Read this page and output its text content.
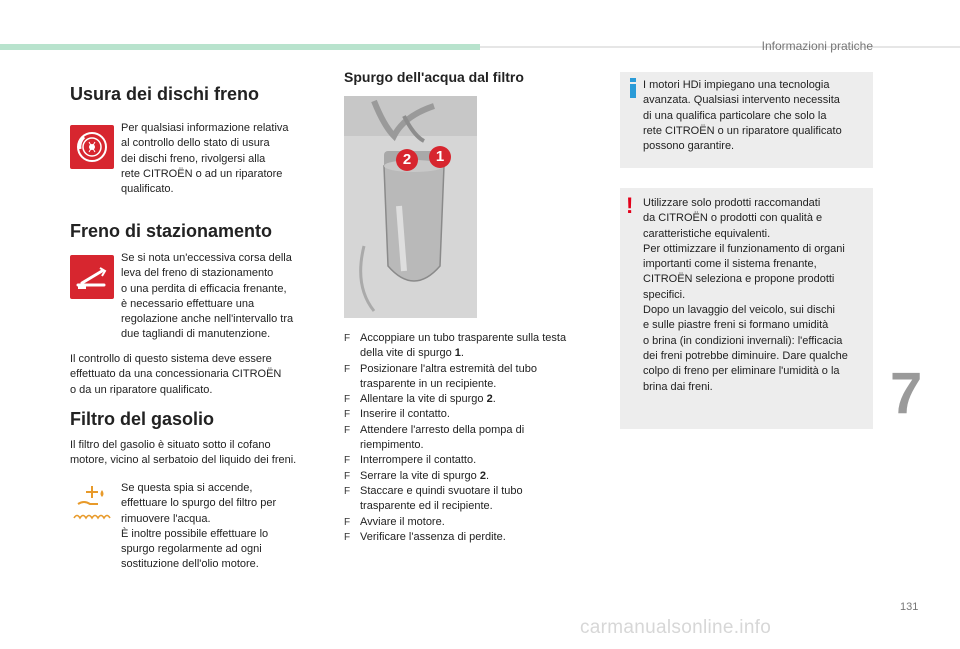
Informazioni pratiche
Usura dei dischi freno
Per qualsiasi informazione relativa
al controllo dello stato di usura
dei dischi freno, rivolgersi alla
rete CITROËN o ad un riparatore
qualificato.
Freno di stazionamento
Se si nota un'eccessiva corsa della
leva del freno di stazionamento
o una perdita di efficacia frenante,
è necessario effettuare una
regolazione anche nell'intervallo tra
due tagliandi di manutenzione.
Il controllo di questo sistema deve essere
effettuato da una concessionaria CITROËN
o da un riparatore qualificato.
Filtro del gasolio
Il filtro del gasolio è situato sotto il cofano
motore, vicino al serbatoio del liquido dei freni.
Se questa spia si accende,
effettuare lo spurgo del filtro per
rimuovere l'acqua.
È inoltre possibile effettuare lo
spurgo regolarmente ad ogni
sostituzione dell'olio motore.
Spurgo dell'acqua dal filtro
2	1
F Accoppiare un tubo trasparente sulla testa
della vite di spurgo 1.
F Posizionare l'altra estremità del tubo
trasparente in un recipiente.
F Allentare la vite di spurgo 2.
F Inserire il contatto.
F Attendere l'arresto della pompa di
riempimento.
F Interrompere il contatto.
F Serrare la vite di spurgo 2.
F Staccare e quindi svuotare il tubo
trasparente ed il recipiente.
F Avviare il motore.
F Verificare l'assenza di perdite.
I motori HDi impiegano una tecnologia
avanzata. Qualsiasi intervento necessita
di una qualifica particolare che solo la
rete CITROËN o un riparatore qualificato
possono garantire.
! Utilizzare solo prodotti raccomandati
da CITROËN o prodotti con qualità e
caratteristiche equivalenti.
Per ottimizzare il funzionamento di organi
importanti come il sistema frenante,
CITROËN seleziona e propone prodotti
specifici.
Dopo un lavaggio del veicolo, sui dischi
e sulle piastre freni si formano umidità
o brina (in condizioni invernali): l'efficacia
dei freni potrebbe diminuire. Dare qualche
colpo di freno per eliminare l'umidità o la
brina dai freni.	7
131
carmanualsonline.info
